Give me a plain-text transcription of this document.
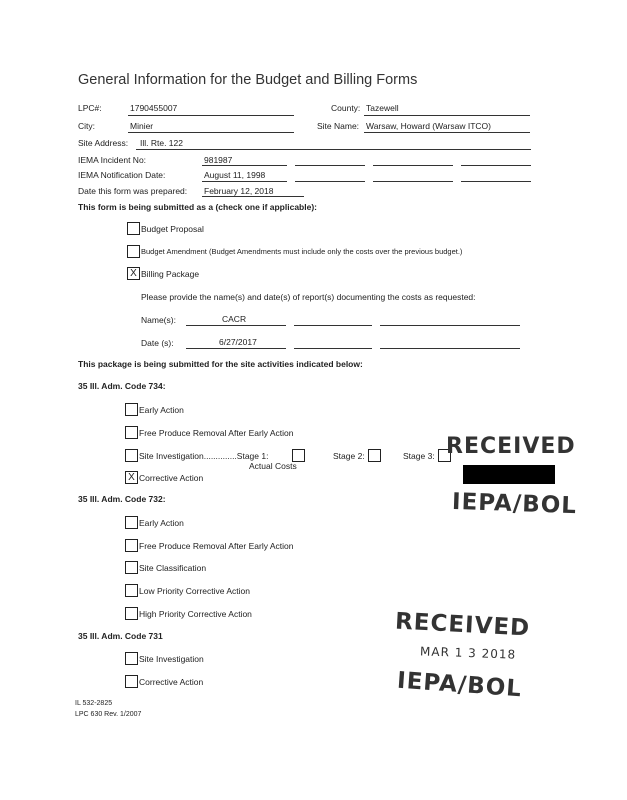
General Information for the Budget and Billing Forms
LPC#:	1790455007	County: Tazewell
City:	Minier	Site Name: Warsaw, Howard (Warsaw ITCO)
Site Address: Ill. Rte. 122
IEMA Incident No:	981987
IEMA Notification Date:	August 11, 1998
Date this form was prepared: February 12, 2018
This form is being submitted as a (check one if applicable):
Budget Proposal
Budget Amendment (Budget Amendments must include only the costs over the previous budget.)
X Billing Package
Please provide the name(s) and date(s) of report(s) documenting the costs as requested:
Name(s):	CACR
Date (s):	6/27/2017
This package is being submitted for the site activities indicated below:
35 Ill. Adm. Code 734:
Early Action
Free Produce Removal After Early Action
Site Investigation..............Stage 1:
Actual Costs
Stage 2:	Stage 3:
X Corrective Action
RECEIVED
IEPA/BOL
35 Ill. Adm. Code 732:
Early Action
Free Produce Removal After Early Action
Site Classification
Low Priority Corrective Action
High Priority Corrective Action
35 Ill. Adm. Code 731
Site Investigation
Corrective Action
RECEIVED
MAR 1 3 2018
IEPA/BOL
IL 532-2825
LPC 630 Rev. 1/2007
